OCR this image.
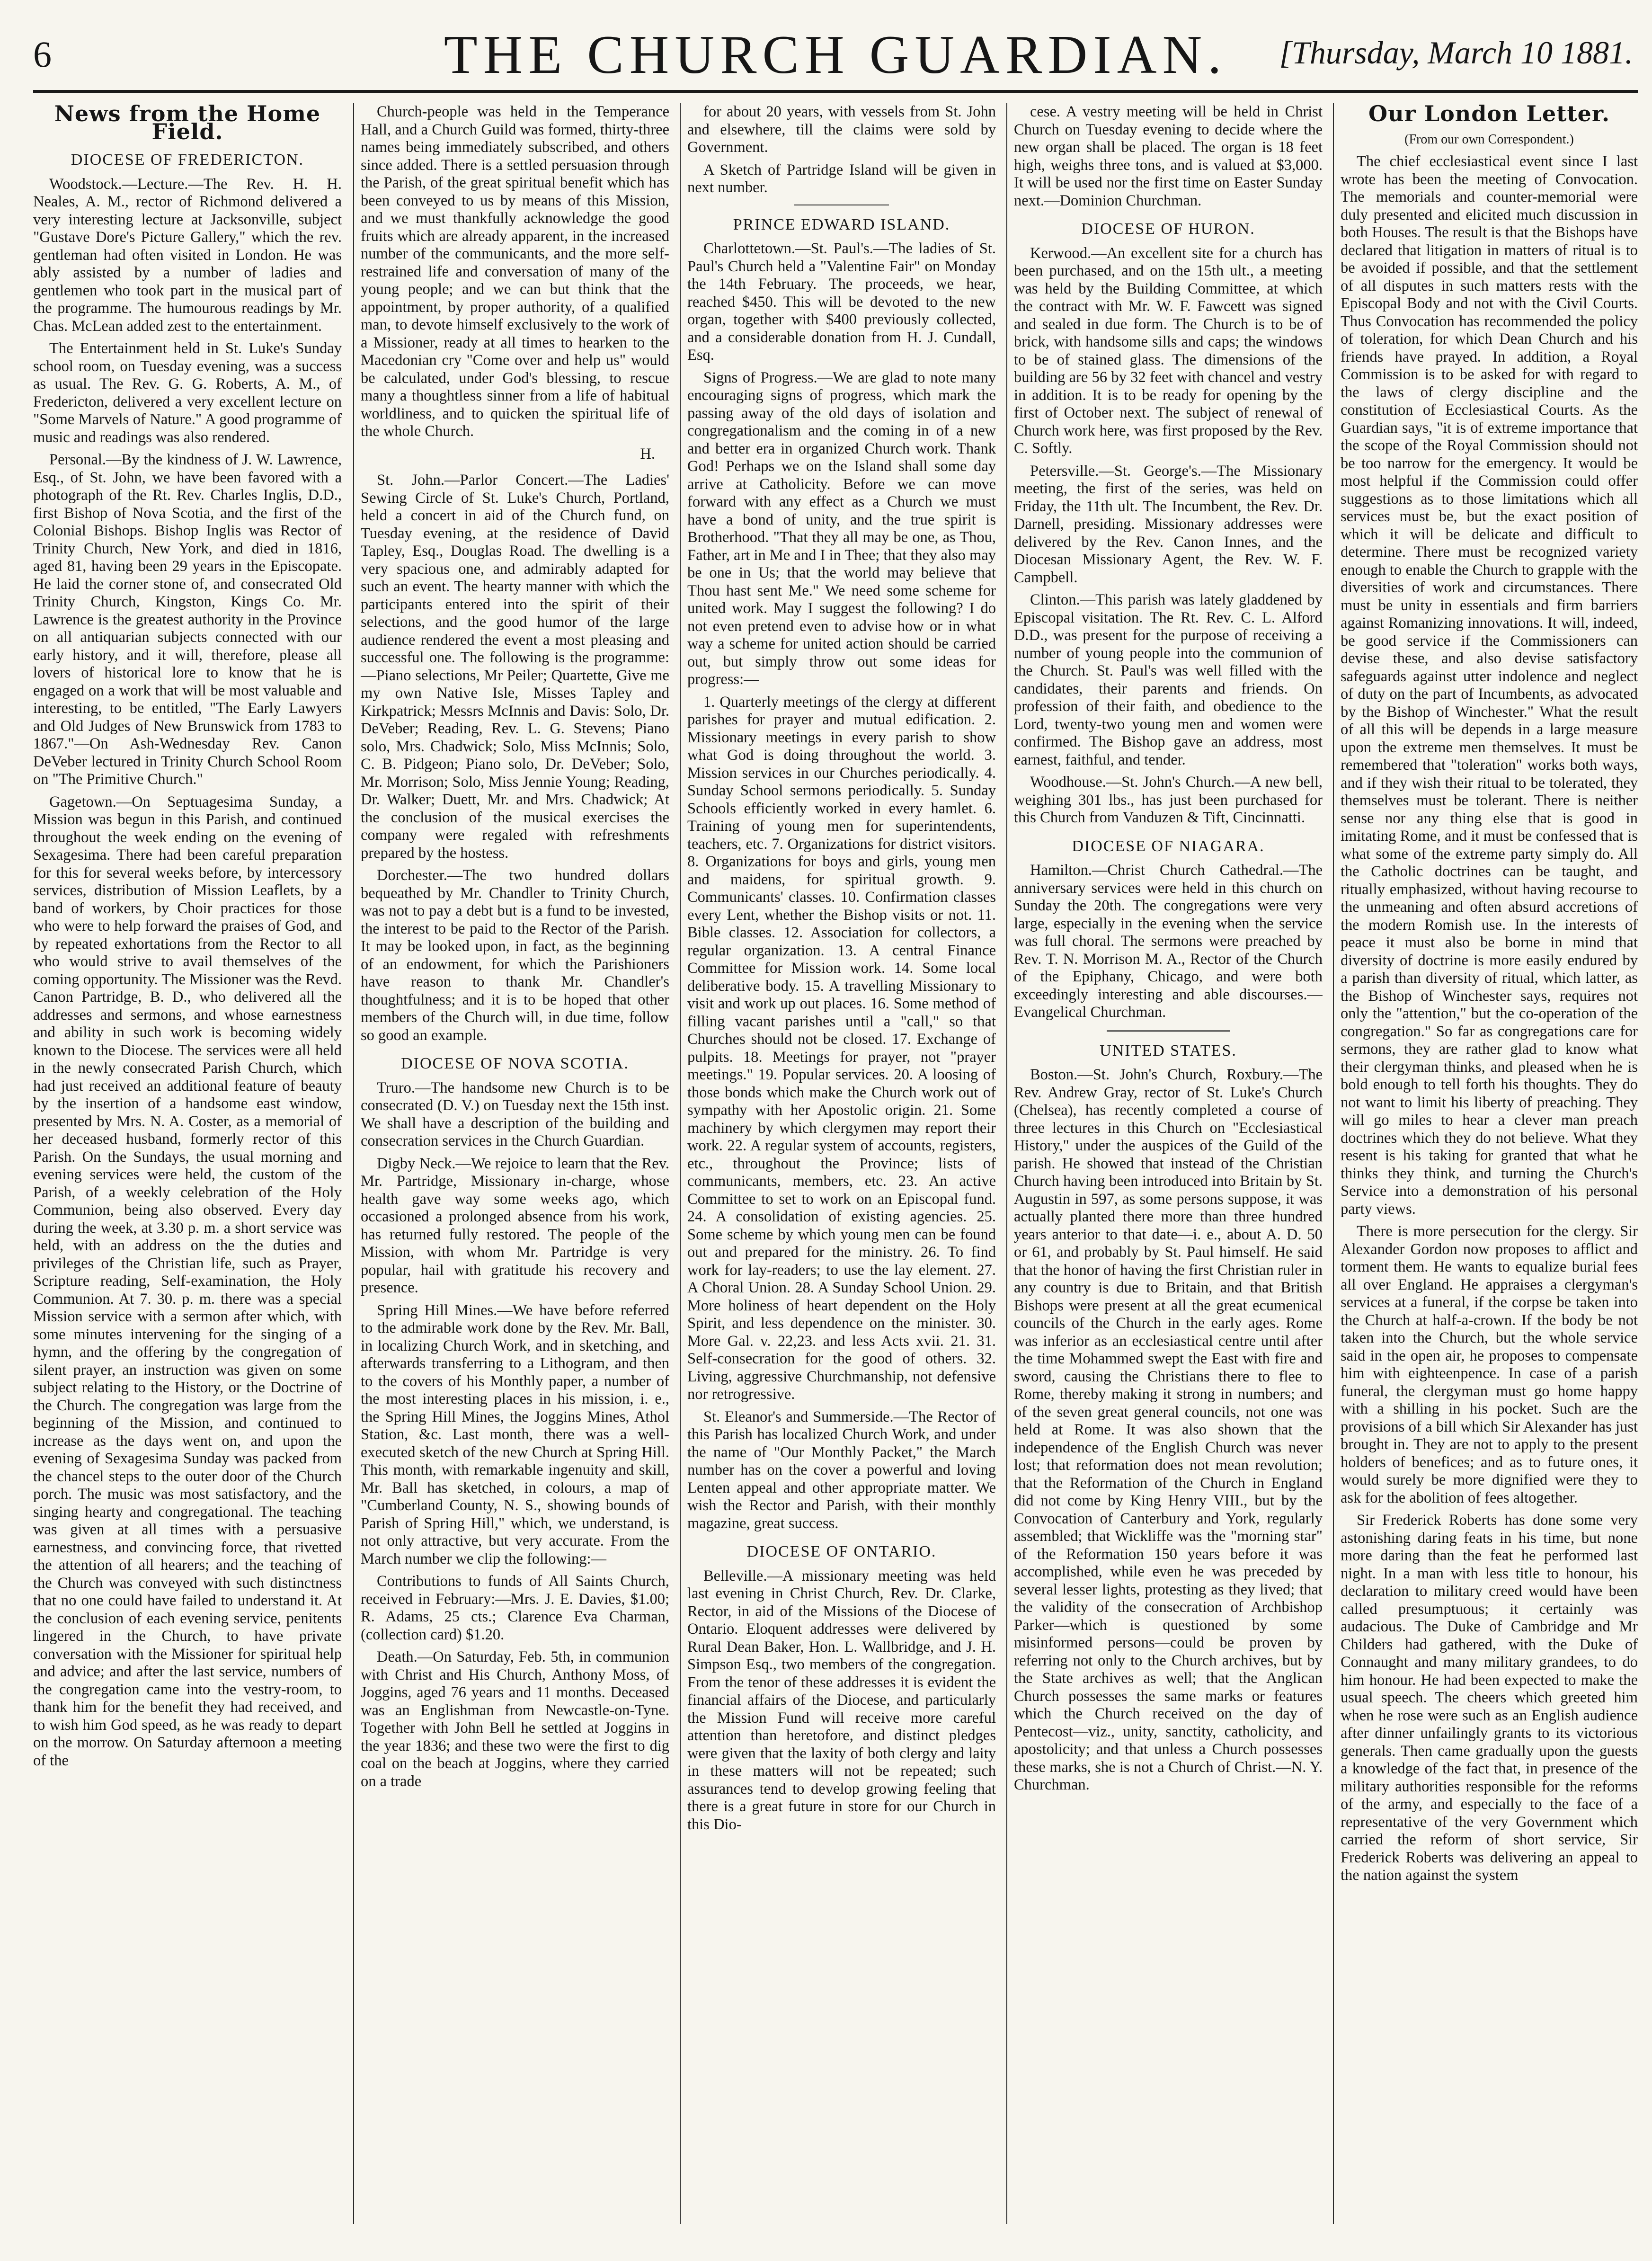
6	THE CHURCH GUARDIAN.	[Thursday, March 10 1881.
News from the Home Field.
DIOCESE OF FREDERICTON.

Woodstock.—Lecture.—The Rev. H. H. Neales, A. M., rector of Richmond delivered a very interesting lecture at Jacksonville, subject "Gustave Dore's Picture Gallery," which the rev. gentleman had often visited in London. He was ably assisted by a number of ladies and gentlemen who took part in the musical part of the programme. The humourous readings by Mr. Chas. McLean added zest to the entertainment.

The Entertainment held in St. Luke's Sunday school room, on Tuesday evening, was a success as usual. The Rev. G. G. Roberts, A. M., of Fredericton, delivered a very excellent lecture on "Some Marvels of Nature." A good programme of music and readings was also rendered.

Personal.—By the kindness of J. W. Lawrence, Esq., of St. John, we have been favored with a photograph of the Rt. Rev. Charles Inglis, D.D., first Bishop of Nova Scotia, and the first of the Colonial Bishops. Bishop Inglis was Rector of Trinity Church, New York, and died in 1816, aged 81, having been 29 years in the Episcopate. He laid the corner stone of, and consecrated Old Trinity Church, Kingston, Kings Co. Mr. Lawrence is the greatest authority in the Province on all antiquarian subjects connected with our early history, and it will, therefore, please all lovers of historical lore to know that he is engaged on a work that will be most valuable and interesting, to be entitled, "The Early Lawyers and Old Judges of New Brunswick from 1783 to 1867."—On Ash-Wednesday Rev. Canon DeVeber lectured in Trinity Church School Room on "The Primitive Church."

Gagetown.—On Septuagesima Sunday, a Mission was begun in this Parish, and continued throughout the week ending on the evening of Sexagesima. There had been careful preparation for this for several weeks before, by intercessory services, distribution of Mission Leaflets, by a band of workers, by Choir practices for those who were to help forward the praises of God, and by repeated exhortations from the Rector to all who would strive to avail themselves of the coming opportunity. The Missioner was the Revd. Canon Partridge, B. D., who delivered all the addresses and sermons, and whose earnestness and ability in such work is becoming widely known to the Diocese. The services were all held in the newly consecrated Parish Church, which had just received an additional feature of beauty by the insertion of a handsome east window, presented by Mrs. N. A. Coster, as a memorial of her deceased husband, formerly rector of this Parish. On the Sundays, the usual morning and evening services were held, the custom of the Parish, of a weekly celebration of the Holy Communion, being also observed. Every day during the week, at 3.30 p. m. a short service was held, with an address on the the duties and privileges of the Christian life, such as Prayer, Scripture reading, Self-examination, the Holy Communion. At 7. 30. p. m. there was a special Mission service with a sermon after which, with some minutes intervening for the singing of a hymn, and the offering by the congregation of silent prayer, an instruction was given on some subject relating to the History, or the Doctrine of the Church. The congregation was large from the beginning of the Mission, and continued to increase as the days went on, and upon the evening of Sexagesima Sunday was packed from the chancel steps to the outer door of the Church porch. The music was most satisfactory, and the singing hearty and congregational. The teaching was given at all times with a persuasive earnestness, and convincing force, that rivetted the attention of all hearers; and the teaching of the Church was conveyed with such distinctness that no one could have failed to understand it. At the conclusion of each evening service, penitents lingered in the Church, to have private conversation with the Missioner for spiritual help and advice; and after the last service, numbers of the congregation came into the vestry-room, to thank him for the benefit they had received, and to wish him God speed, as he was ready to depart on the morrow. On Saturday afternoon a meeting of the

Church-people was held in the Temperance Hall, and a Church Guild was formed, thirty-three names being immediately subscribed, and others since added. There is a settled persuasion through the Parish, of the great spiritual benefit which has been conveyed to us by means of this Mission, and we must thankfully acknowledge the good fruits which are already apparent, in the increased number of the communicants, and the more self-restrained life and conversation of many of the young people; and we can but think that the appointment, by proper authority, of a qualified man, to devote himself exclusively to the work of a Missioner, ready at all times to hearken to the Macedonian cry "Come over and help us" would be calculated, under God's blessing, to rescue many a thoughtless sinner from a life of habitual worldliness, and to quicken the spiritual life of the whole Church.

H.

St. John.—Parlor Concert.—The Ladies' Sewing Circle of St. Luke's Church, Portland, held a concert in aid of the Church fund, on Tuesday evening, at the residence of David Tapley, Esq., Douglas Road. The dwelling is a very spacious one, and admirably adapted for such an event. The hearty manner with which the participants entered into the spirit of their selections, and the good humor of the large audience rendered the event a most pleasing and successful one. The following is the programme:—Piano selections, Mr Peiler; Quartette, Give me my own Native Isle, Misses Tapley and Kirkpatrick; Messrs McInnis and Davis: Solo, Dr. DeVeber; Reading, Rev. L. G. Stevens; Piano solo, Mrs. Chadwick; Solo, Miss McInnis; Solo, C. B. Pidgeon; Piano solo, Dr. DeVeber; Solo, Mr. Morrison; Solo, Miss Jennie Young; Reading, Dr. Walker; Duett, Mr. and Mrs. Chadwick; At the conclusion of the musical exercises the company were regaled with refreshments prepared by the hostess.

Dorchester.—The two hundred dollars bequeathed by Mr. Chandler to Trinity Church, was not to pay a debt but is a fund to be invested, the interest to be paid to the Rector of the Parish. It may be looked upon, in fact, as the beginning of an endowment, for which the Parishioners have reason to thank Mr. Chandler's thoughtfulness; and it is to be hoped that other members of the Church will, in due time, follow so good an example.

DIOCESE OF NOVA SCOTIA.

Truro.—The handsome new Church is to be consecrated (D. V.) on Tuesday next the 15th inst. We shall have a description of the building and consecration services in the Church Guardian.

Digby Neck.—We rejoice to learn that the Rev. Mr. Partridge, Missionary in-charge, whose health gave way some weeks ago, which occasioned a prolonged absence from his work, has returned fully restored. The people of the Mission, with whom Mr. Partridge is very popular, hail with gratitude his recovery and presence.

Spring Hill Mines.—We have before referred to the admirable work done by the Rev. Mr. Ball, in localizing Church Work, and in sketching, and afterwards transferring to a Lithogram, and then to the covers of his Monthly paper, a number of the most interesting places in his mission, i. e., the Spring Hill Mines, the Joggins Mines, Athol Station, &c. Last month, there was a well-executed sketch of the new Church at Spring Hill. This month, with remarkable ingenuity and skill, Mr. Ball has sketched, in colours, a map of "Cumberland County, N. S., showing bounds of Parish of Spring Hill," which, we understand, is not only attractive, but very accurate. From the March number we clip the following:—

Contributions to funds of All Saints Church, received in February:—Mrs. J. E. Davies, $1.00; R. Adams, 25 cts.; Clarence Eva Charman, (collection card) $1.20.

Death.—On Saturday, Feb. 5th, in communion with Christ and His Church, Anthony Moss, of Joggins, aged 76 years and 11 months. Deceased was an Englishman from Newcastle-on-Tyne. Together with John Bell he settled at Joggins in the year 1836; and these two were the first to dig coal on the beach at Joggins, where they carried on a trade

for about 20 years, with vessels from St. John and elsewhere, till the claims were sold by Government.

A Sketch of Partridge Island will be given in next number.

PRINCE EDWARD ISLAND.

Charlottetown.—St. Paul's.—The ladies of St. Paul's Church held a "Valentine Fair" on Monday the 14th February. The proceeds, we hear, reached $450. This will be devoted to the new organ, together with $400 previously collected, and a considerable donation from H. J. Cundall, Esq.

Signs of Progress.—We are glad to note many encouraging signs of progress, which mark the passing away of the old days of isolation and congregationalism and the coming in of a new and better era in organized Church work. Thank God! Perhaps we on the Island shall some day arrive at Catholicity. Before we can move forward with any effect as a Church we must have a bond of unity, and the true spirit is Brotherhood. "That they all may be one, as Thou, Father, art in Me and I in Thee; that they also may be one in Us; that the world may believe that Thou hast sent Me." We need some scheme for united work. May I suggest the following? I do not even pretend even to advise how or in what way a scheme for united action should be carried out, but simply throw out some ideas for progress:—

1. Quarterly meetings of the clergy at different parishes for prayer and mutual edification. 2. Missionary meetings in every parish to show what God is doing throughout the world. 3. Mission services in our Churches periodically. 4. Sunday School sermons periodically. 5. Sunday Schools efficiently worked in every hamlet. 6. Training of young men for superintendents, teachers, etc. 7. Organizations for district visitors. 8. Organizations for boys and girls, young men and maidens, for spiritual growth. 9. Communicants' classes. 10. Confirmation classes every Lent, whether the Bishop visits or not. 11. Bible classes. 12. Association for collectors, a regular organization. 13. A central Finance Committee for Mission work. 14. Some local deliberative body. 15. A travelling Missionary to visit and work up out places. 16. Some method of filling vacant parishes until a "call," so that Churches should not be closed. 17. Exchange of pulpits. 18. Meetings for prayer, not "prayer meetings." 19. Popular services. 20. A loosing of those bonds which make the Church work out of sympathy with her Apostolic origin. 21. Some machinery by which clergymen may report their work. 22. A regular system of accounts, registers, etc., throughout the Province; lists of communicants, members, etc. 23. An active Committee to set to work on an Episcopal fund. 24. A consolidation of existing agencies. 25. Some scheme by which young men can be found out and prepared for the ministry. 26. To find work for lay-readers; to use the lay element. 27. A Choral Union. 28. A Sunday School Union. 29. More holiness of heart dependent on the Holy Spirit, and less dependence on the minister. 30. More Gal. v. 22,23. and less Acts xvii. 21. 31. Self-consecration for the good of others. 32. Living, aggressive Churchmanship, not defensive nor retrogressive.

St. Eleanor's and Summerside.—The Rector of this Parish has localized Church Work, and under the name of "Our Monthly Packet," the March number has on the cover a powerful and loving Lenten appeal and other appropriate matter. We wish the Rector and Parish, with their monthly magazine, great success.

DIOCESE OF ONTARIO.

Belleville.—A missionary meeting was held last evening in Christ Church, Rev. Dr. Clarke, Rector, in aid of the Missions of the Diocese of Ontario. Eloquent addresses were delivered by Rural Dean Baker, Hon. L. Wallbridge, and J. H. Simpson Esq., two members of the congregation. From the tenor of these addresses it is evident the financial affairs of the Diocese, and particularly the Mission Fund will receive more careful attention than heretofore, and distinct pledges were given that the laxity of both clergy and laity in these matters will not be repeated; such assurances tend to develop growing feeling that there is a great future in store for our Church in this Dio-

cese. A vestry meeting will be held in Christ Church on Tuesday evening to decide where the new organ shall be placed. The organ is 18 feet high, weighs three tons, and is valued at $3,000. It will be used nor the first time on Easter Sunday next.—Dominion Churchman.

DIOCESE OF HURON.

Kerwood.—An excellent site for a church has been purchased, and on the 15th ult., a meeting was held by the Building Committee, at which the contract with Mr. W. F. Fawcett was signed and sealed in due form. The Church is to be of brick, with handsome sills and caps; the windows to be of stained glass. The dimensions of the building are 56 by 32 feet with chancel and vestry in addition. It is to be ready for opening by the first of October next. The subject of renewal of Church work here, was first proposed by the Rev. C. Softly.

Petersville.—St. George's.—The Missionary meeting, the first of the series, was held on Friday, the 11th ult. The Incumbent, the Rev. Dr. Darnell, presiding. Missionary addresses were delivered by the Rev. Canon Innes, and the Diocesan Missionary Agent, the Rev. W. F. Campbell.

Clinton.—This parish was lately gladdened by Episcopal visitation. The Rt. Rev. C. L. Alford D.D., was present for the purpose of receiving a number of young people into the communion of the Church. St. Paul's was well filled with the candidates, their parents and friends. On profession of their faith, and obedience to the Lord, twenty-two young men and women were confirmed. The Bishop gave an address, most earnest, faithful, and tender.

Woodhouse.—St. John's Church.—A new bell, weighing 301 lbs., has just been purchased for this Church from Vanduzen & Tift, Cincinnatti.

DIOCESE OF NIAGARA.

Hamilton.—Christ Church Cathedral.—The anniversary services were held in this church on Sunday the 20th. The congregations were very large, especially in the evening when the service was full choral. The sermons were preached by Rev. T. N. Morrison M. A., Rector of the Church of the Epiphany, Chicago, and were both exceedingly interesting and able discourses.—Evangelical Churchman.

UNITED STATES.

Boston.—St. John's Church, Roxbury.—The Rev. Andrew Gray, rector of St. Luke's Church (Chelsea), has recently completed a course of three lectures in this Church on "Ecclesiastical History," under the auspices of the Guild of the parish. He showed that instead of the Christian Church having been introduced into Britain by St. Augustin in 597, as some persons suppose, it was actually planted there more than three hundred years anterior to that date—i. e., about A. D. 50 or 61, and probably by St. Paul himself. He said that the honor of having the first Christian ruler in any country is due to Britain, and that British Bishops were present at all the great ecumenical councils of the Church in the early ages. Rome was inferior as an ecclesiastical centre until after the time Mohammed swept the East with fire and sword, causing the Christians there to flee to Rome, thereby making it strong in numbers; and of the seven great general councils, not one was held at Rome. It was also shown that the independence of the English Church was never lost; that reformation does not mean revolution; that the Reformation of the Church in England did not come by King Henry VIII., but by the Convocation of Canterbury and York, regularly assembled; that Wickliffe was the "morning star" of the Reformation 150 years before it was accomplished, while even he was preceded by several lesser lights, protesting as they lived; that the validity of the consecration of Archbishop Parker—which is questioned by some misinformed persons—could be proven by referring not only to the Church archives, but by the State archives as well; that the Anglican Church possesses the same marks or features which the Church received on the day of Pentecost—viz., unity, sanctity, catholicity, and apostolicity; and that unless a Church possesses these marks, she is not a Church of Christ.—N. Y. Churchman.

Our London Letter.

(From our own Correspondent.)

The chief ecclesiastical event since I last wrote has been the meeting of Convocation. The memorials and counter-memorial were duly presented and elicited much discussion in both Houses. The result is that the Bishops have declared that litigation in matters of ritual is to be avoided if possible, and that the settlement of all disputes in such matters rests with the Episcopal Body and not with the Civil Courts. Thus Convocation has recommended the policy of toleration, for which Dean Church and his friends have prayed. In addition, a Royal Commission is to be asked for with regard to the laws of clergy discipline and the constitution of Ecclesiastical Courts. As the Guardian says, "it is of extreme importance that the scope of the Royal Commission should not be too narrow for the emergency. It would be most helpful if the Commission could offer suggestions as to those limitations which all services must be, but the exact position of which it will be delicate and difficult to determine. There must be recognized variety enough to enable the Church to grapple with the diversities of work and circumstances. There must be unity in essentials and firm barriers against Romanizing innovations. It will, indeed, be good service if the Commissioners can devise these, and also devise satisfactory safeguards against utter indolence and neglect of duty on the part of Incumbents, as advocated by the Bishop of Winchester." What the result of all this will be depends in a large measure upon the extreme men themselves. It must be remembered that "toleration" works both ways, and if they wish their ritual to be tolerated, they themselves must be tolerant. There is neither sense nor any thing else that is good in imitating Rome, and it must be confessed that is what some of the extreme party simply do. All the Catholic doctrines can be taught, and ritually emphasized, without having recourse to the unmeaning and often absurd accretions of the modern Romish use. In the interests of peace it must also be borne in mind that diversity of doctrine is more easily endured by a parish than diversity of ritual, which latter, as the Bishop of Winchester says, requires not only the "attention," but the co-operation of the congregation." So far as congregations care for sermons, they are rather glad to know what their clergyman thinks, and pleased when he is bold enough to tell forth his thoughts. They do not want to limit his liberty of preaching. They will go miles to hear a clever man preach doctrines which they do not believe. What they resent is his taking for granted that what he thinks they think, and turning the Church's Service into a demonstration of his personal party views.

There is more persecution for the clergy. Sir Alexander Gordon now proposes to afflict and torment them. He wants to equalize burial fees all over England. He appraises a clergyman's services at a funeral, if the corpse be taken into the Church at half-a-crown. If the body be not taken into the Church, but the whole service said in the open air, he proposes to compensate him with eighteenpence. In case of a parish funeral, the clergyman must go home happy with a shilling in his pocket. Such are the provisions of a bill which Sir Alexander has just brought in. They are not to apply to the present holders of benefices; and as to future ones, it would surely be more dignified were they to ask for the abolition of fees altogether.

Sir Frederick Roberts has done some very astonishing daring feats in his time, but none more daring than the feat he performed last night. In a man with less title to honour, his declaration to military creed would have been called presumptuous; it certainly was audacious. The Duke of Cambridge and Mr Childers had gathered, with the Duke of Connaught and many military grandees, to do him honour. He had been expected to make the usual speech. The cheers which greeted him when he rose were such as an English audience after dinner unfailingly grants to its victorious generals. Then came gradually upon the guests a knowledge of the fact that, in presence of the military authorities responsible for the reforms of the army, and especially to the face of a representative of the very Government which carried the reform of short service, Sir Frederick Roberts was delivering an appeal to the nation against the system
